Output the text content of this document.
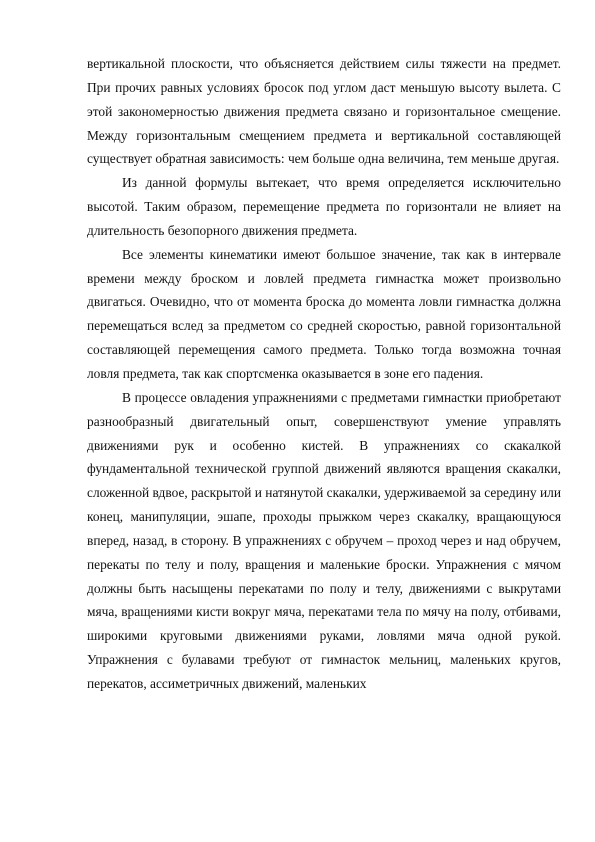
вертикальной плоскости, что объясняется действием силы тяжести на предмет. При прочих равных условиях бросок под углом даст меньшую высоту вылета. С этой закономерностью движения предмета связано и горизонтальное смещение. Между горизонтальным смещением предмета и вертикальной составляющей существует обратная зависимость: чем больше одна величина, тем меньше другая.

Из данной формулы вытекает, что время определяется исключительно высотой. Таким образом, перемещение предмета по горизонтали не влияет на длительность безопорного движения предмета.

Все элементы кинематики имеют большое значение, так как в интервале времени между броском и ловлей предмета гимнастка может произвольно двигаться. Очевидно, что от момента броска до момента ловли гимнастка должна перемещаться вслед за предметом со средней скоростью, равной горизонтальной составляющей перемещения самого предмета. Только тогда возможна точная ловля предмета, так как спортсменка оказывается в зоне его падения.

В процессе овладения упражнениями с предметами гимнастки приобретают разнообразный двигательный опыт, совершенствуют умение управлять движениями рук и особенно кистей. В упражнениях со скакалкой фундаментальной технической группой движений являются вращения скакалки, сложенной вдвое, раскрытой и натянутой скакалки, удерживаемой за середину или конец, манипуляции, эшапе, проходы прыжком через скакалку, вращающуюся вперед, назад, в сторону. В упражнениях с обручем – проход через и над обручем, перекаты по телу и полу, вращения и маленькие броски. Упражнения с мячом должны быть насыщены перекатами по полу и телу, движениями с выкрутами мяча, вращениями кисти вокруг мяча, перекатами тела по мячу на полу, отбивами, широкими круговыми движениями руками, ловлями мяча одной рукой. Упражнения с булавами требуют от гимнасток мельниц, маленьких кругов, перекатов, ассиметричных движений, маленьких
